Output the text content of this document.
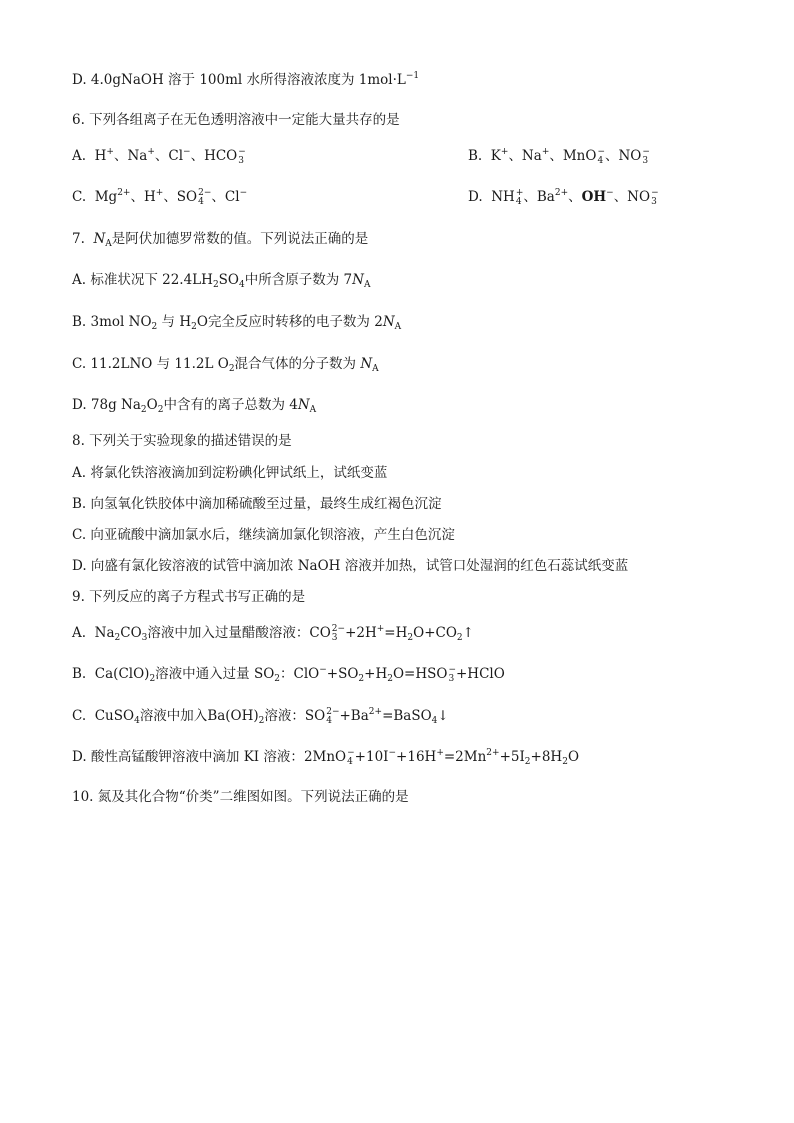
D. 4.0gNaOH 溶于 100ml 水所得溶液浓度为 $1mol\cdot L^{-1}$
6. 下列各组离子在无色透明溶液中一定能大量共存的是
A.  H+、Na+、Cl−、HCO −
3	B.  K+、Na+、MnO −
4 、NO −
3
C.  $Mg^{2+}$、H+、SO 2−
4 、Cl−	D.  NH +
4 、$Ba^{2+}$、OH−、NO −
3
7. $N_A$是阿伏加德罗常数的值。下列说法正确的是
A. 标准状况下 $22.4LH_2SO_4$中所含原子数为 $7N_A$
B. 3mol $NO_2$ 与 $H_2O$完全反应时转移的电子数为 $2N_A$
C. 11.2LNO 与 11.2L $O_2$混合气体的分子数为 $N_A$
D. 78g $Na_2O_2$中含有的离子总数为 $4N_A$
8. 下列关于实验现象的描述错误的是
A. 将氯化铁溶液滴加到淀粉碘化钾试纸上，试纸变蓝
B. 向氢氧化铁胶体中滴加稀硫酸至过量，最终生成红褐色沉淀
C. 向亚硫酸中滴加氯水后，继续滴加氯化钡溶液，产生白色沉淀
D. 向盛有氯化铵溶液的试管中滴加浓 NaOH 溶液并加热，试管口处湿润的红色石蕊试纸变蓝
9. 下列反应的离子方程式书写正确的是
A.  $Na_2CO_3$溶液中加入过量醋酸溶液：CO 2−
$3 +2H^+=H_2O+CO_2↑$
B.  $Ca(ClO)_2$溶液中通入过量 $SO_2$：$ClO^-+SO_2+H_2O=HSO$ −
3 +HClO
C.  CuSO$_4$溶液中加入$Ba(OH)_2$溶液：SO 2−
$4 +Ba^{2+}=BaSO_4↓$
D. 酸性高锰酸钾溶液中滴加 KI 溶液：2MnO −
$4 +10I^-+16H^+=2Mn^{2+}+5I_2+8H_2O$
10. 氮及其化合物“价类”二维图如图。下列说法正确的是
